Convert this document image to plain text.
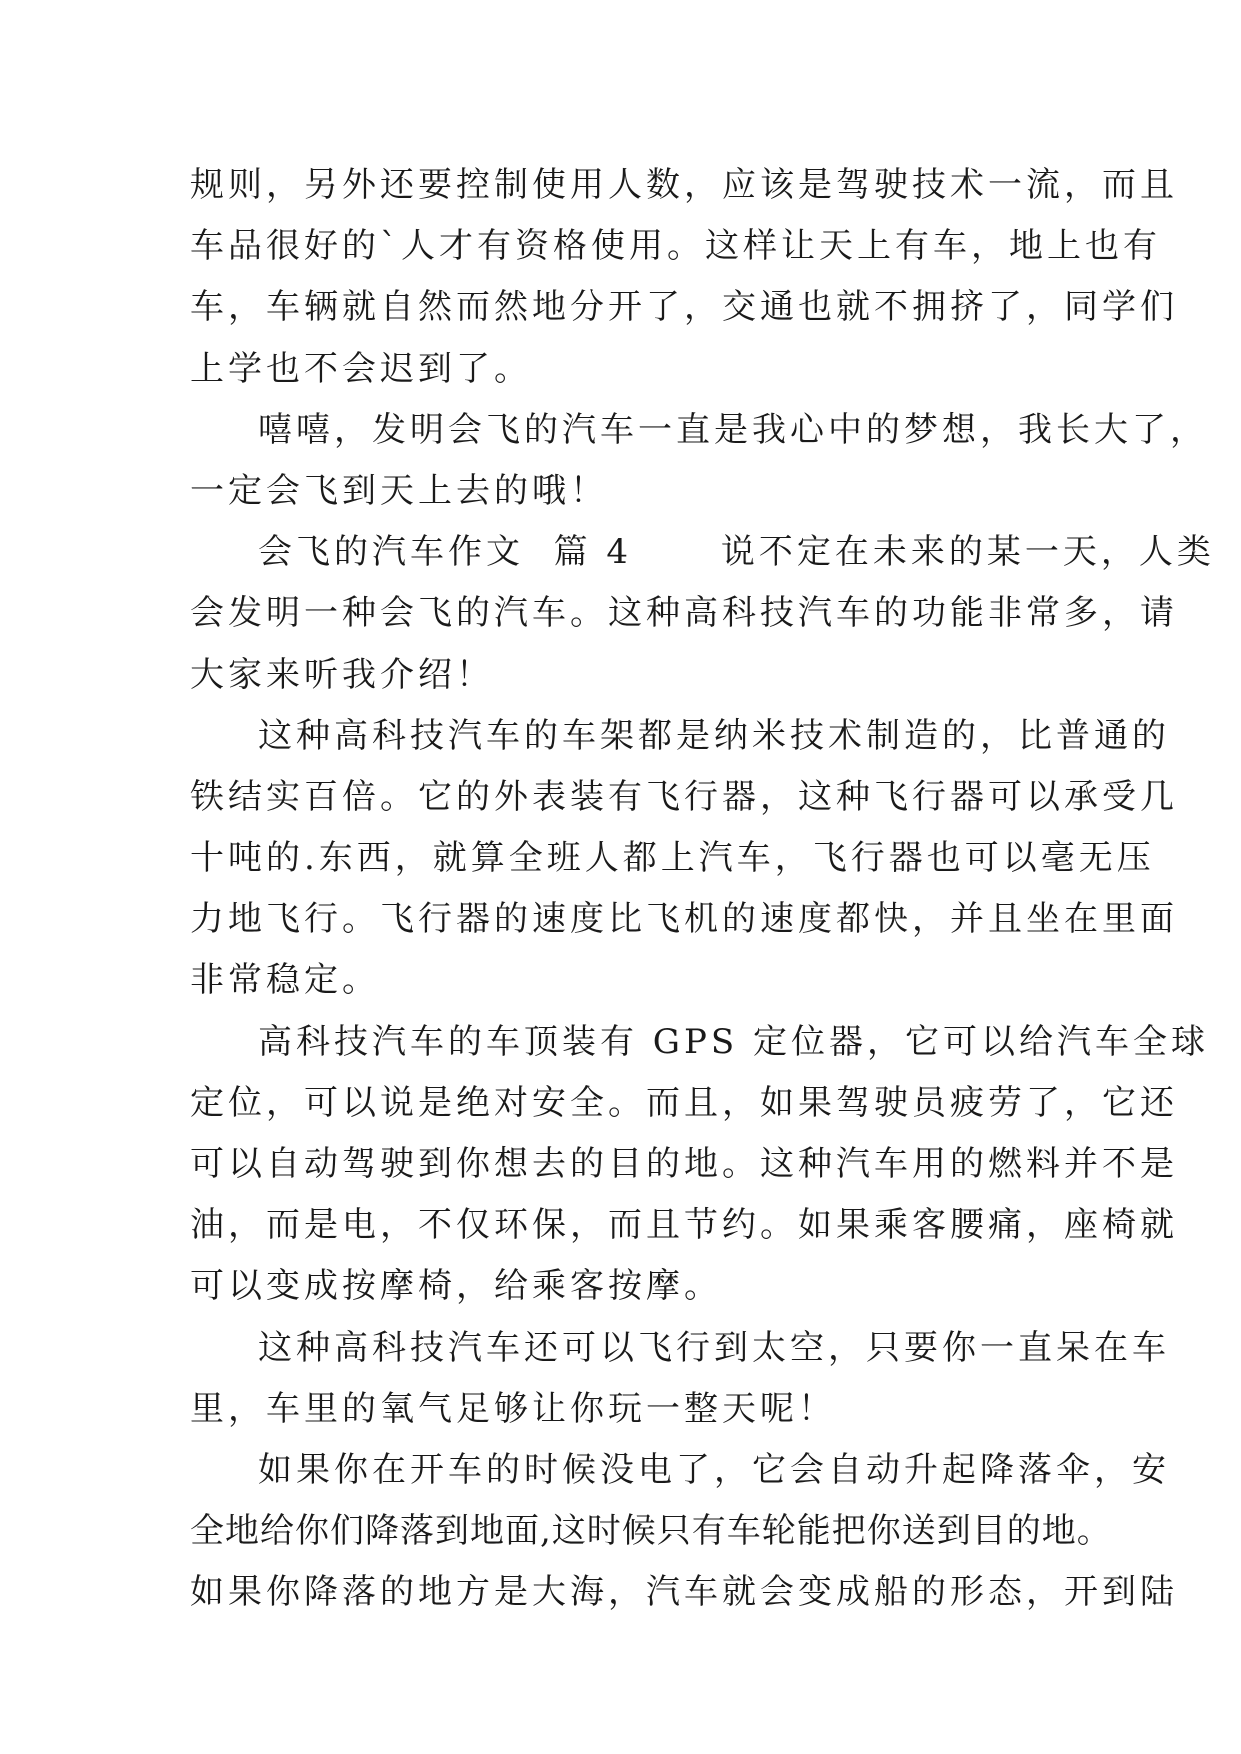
规则，另外还要控制使用人数，应该是驾驶技术一流，而且
车品很好的`人才有资格使用。这样让天上有车，地上也有
车，车辆就自然而然地分开了，交通也就不拥挤了，同学们
上学也不会迟到了。
嘻嘻，发明会飞的汽车一直是我心中的梦想，我长大了，
一定会飞到天上去的哦！
会飞的汽车作文  篇 4      说不定在未来的某一天，人类
会发明一种会飞的汽车。这种高科技汽车的功能非常多，请
大家来听我介绍！
这种高科技汽车的车架都是纳米技术制造的，比普通的
铁结实百倍。它的外表装有飞行器，这种飞行器可以承受几
十吨的.东西，就算全班人都上汽车，飞行器也可以毫无压
力地飞行。飞行器的速度比飞机的速度都快，并且坐在里面
非常稳定。
高科技汽车的车顶装有 GPS 定位器，它可以给汽车全球
定位，可以说是绝对安全。而且，如果驾驶员疲劳了，它还
可以自动驾驶到你想去的目的地。这种汽车用的燃料并不是
油，而是电，不仅环保，而且节约。如果乘客腰痛，座椅就
可以变成按摩椅，给乘客按摩。
这种高科技汽车还可以飞行到太空，只要你一直呆在车
里，车里的氧气足够让你玩一整天呢！
如果你在开车的时候没电了，它会自动升起降落伞，安
全地给你们降落到地面,这时候只有车轮能把你送到目的地。
如果你降落的地方是大海，汽车就会变成船的形态，开到陆
